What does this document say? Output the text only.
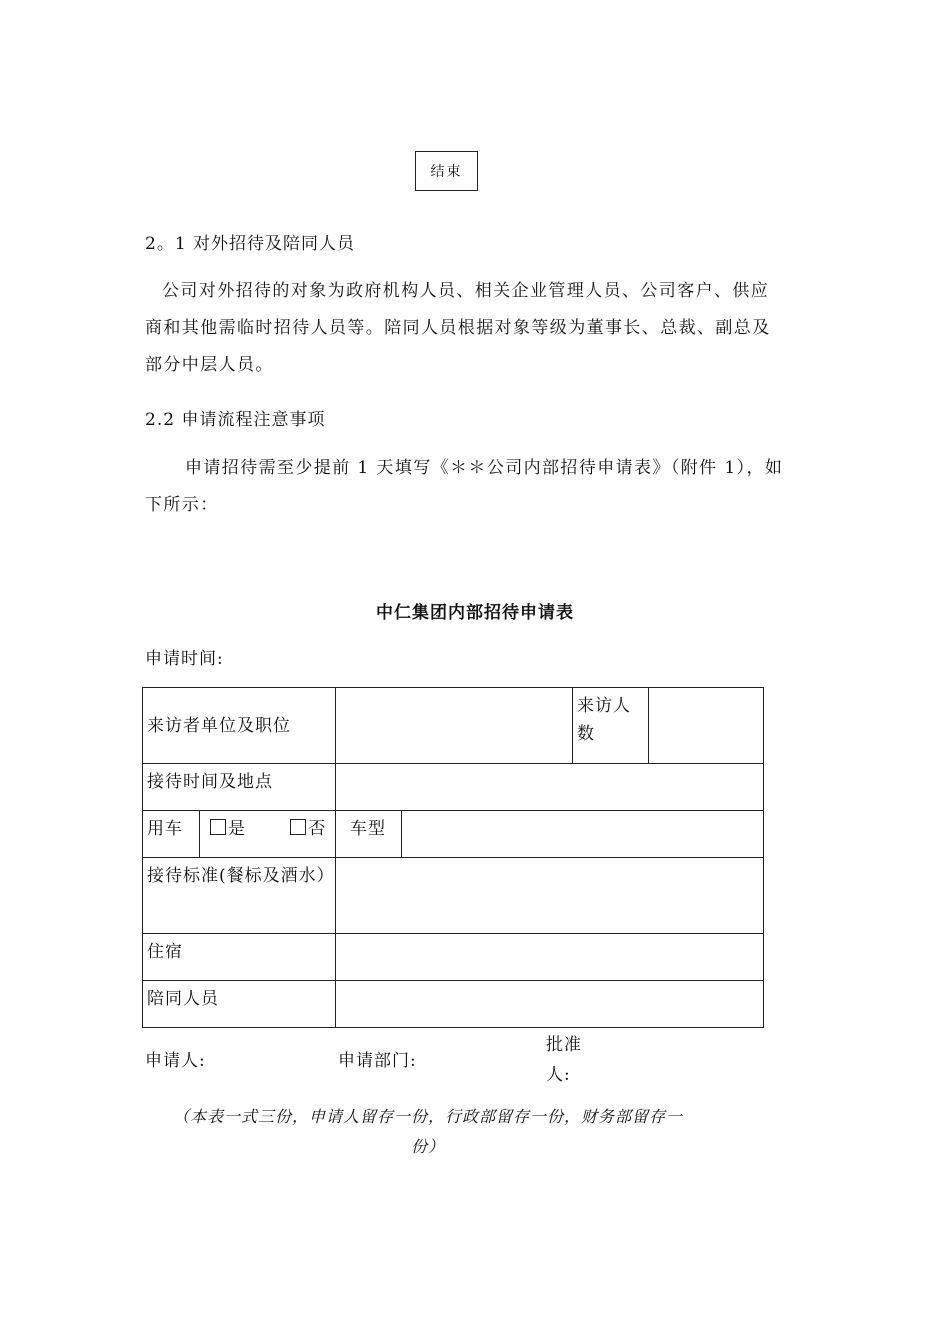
结束
2。1 对外招待及陪同人员
公司对外招待的对象为政府机构人员、相关企业管理人员、公司客户、供应
商和其他需临时招待人员等。陪同人员根据对象等级为董事长、总裁、副总及
部分中层人员。
2.2 申请流程注意事项
申请招待需至少提前 1 天填写《＊＊公司内部招待申请表》（附件 1），如
下所示：
中仁集团内部招待申请表
申请时间:
来访者单位及职位				来访人数	
接待时间及地点					
用车	是 否	车型			
接待标准(餐标及酒水）					
住宿					
陪同人员					
申请人:	申请部门:
批准人:
（本表一式三份，申请人留存一份，行政部留存一份，财务部留存一份）
